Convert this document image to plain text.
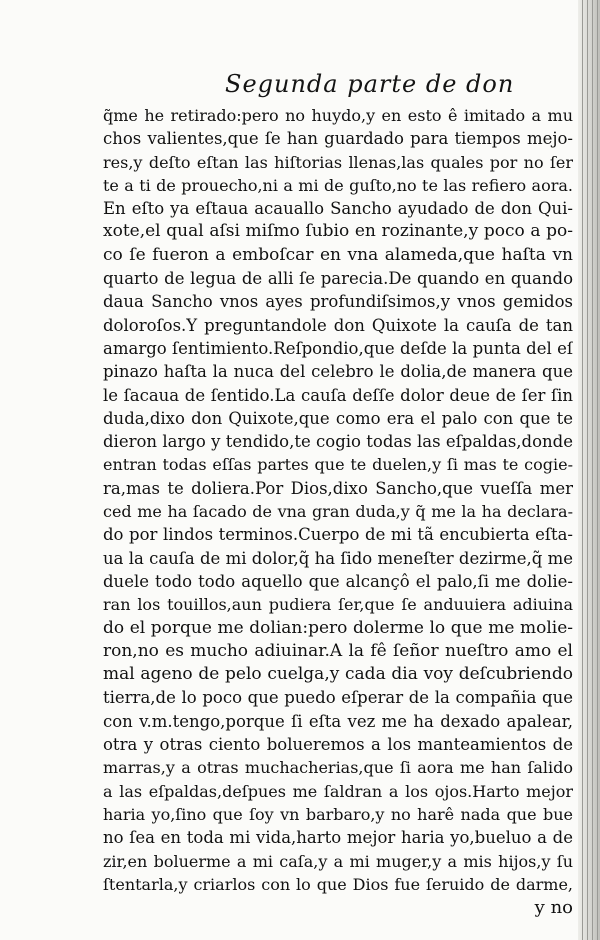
Segunda parte de don
q̃me he retirado:pero no huydo,y en esto ê imitado a mu
chos valientes,que ſe han guardado para tiempos mejo-
res,y deſto eſtan las hiſtorias llenas,las quales por no ſer
te a ti de prouecho,ni a mi de guſto,no te las refiero aora.
En eſto ya eſtaua acauallo Sancho ayudado de don Qui-
xote,el qual aſsi miſmo ſubio en rozinante,y poco a po-
co ſe fueron a emboſcar en vna alameda,que haſta vn
quarto de legua de alli ſe parecia.De quando en quando
daua Sancho vnos ayes profundiſsimos,y vnos gemidos
doloroſos.Y preguntandole don Quixote la cauſa de tan
amargo ſentimiento.Reſpondio,que deſde la punta del eſ
pinazo haſta la nuca del celebro le dolia,de manera que
le ſacaua de ſentido.La cauſa deſſe dolor deue de ſer ſin
duda,dixo don Quixote,que como era el palo con que te
dieron largo y tendido,te cogio todas las eſpaldas,donde
entran todas eſſas partes que te duelen,y ſi mas te cogie-
ra,mas te doliera.Por Dios,dixo Sancho,que vueſſa mer
ced me ha ſacado de vna gran duda,y q̃ me la ha declara-
do por lindos terminos.Cuerpo de mi tã encubierta eſta-
ua la cauſa de mi dolor,q̃ ha ſido meneſter dezirme,q̃ me
duele todo todo aquello que alcançô el palo,ſi me dolie-
ran los touillos,aun pudiera ſer,que ſe anduuiera adiuina
do el porque me dolian:pero dolerme lo que me molie-
ron,no es mucho adiuinar.A la fê ſeñor nueſtro amo el
mal ageno de pelo cuelga,y cada dia voy deſcubriendo
tierra,de lo poco que puedo eſperar de la compañia que
con v.m.tengo,porque ſi eſta vez me ha dexado apalear,
otra y otras ciento bolueremos a los manteamientos de
marras,y a otras muchacherias,que ſi aora me han ſalido
a las eſpaldas,deſpues me ſaldran a los ojos.Harto mejor
haria yo,ſino que ſoy vn barbaro,y no harê nada que bue
no ſea en toda mi vida,harto mejor haria yo,bueluo a de
zir,en boluerme a mi caſa,y a mi muger,y a mis hijos,y ſu
ſtentarla,y criarlos con lo que Dios fue ſeruido de darme,
y no
